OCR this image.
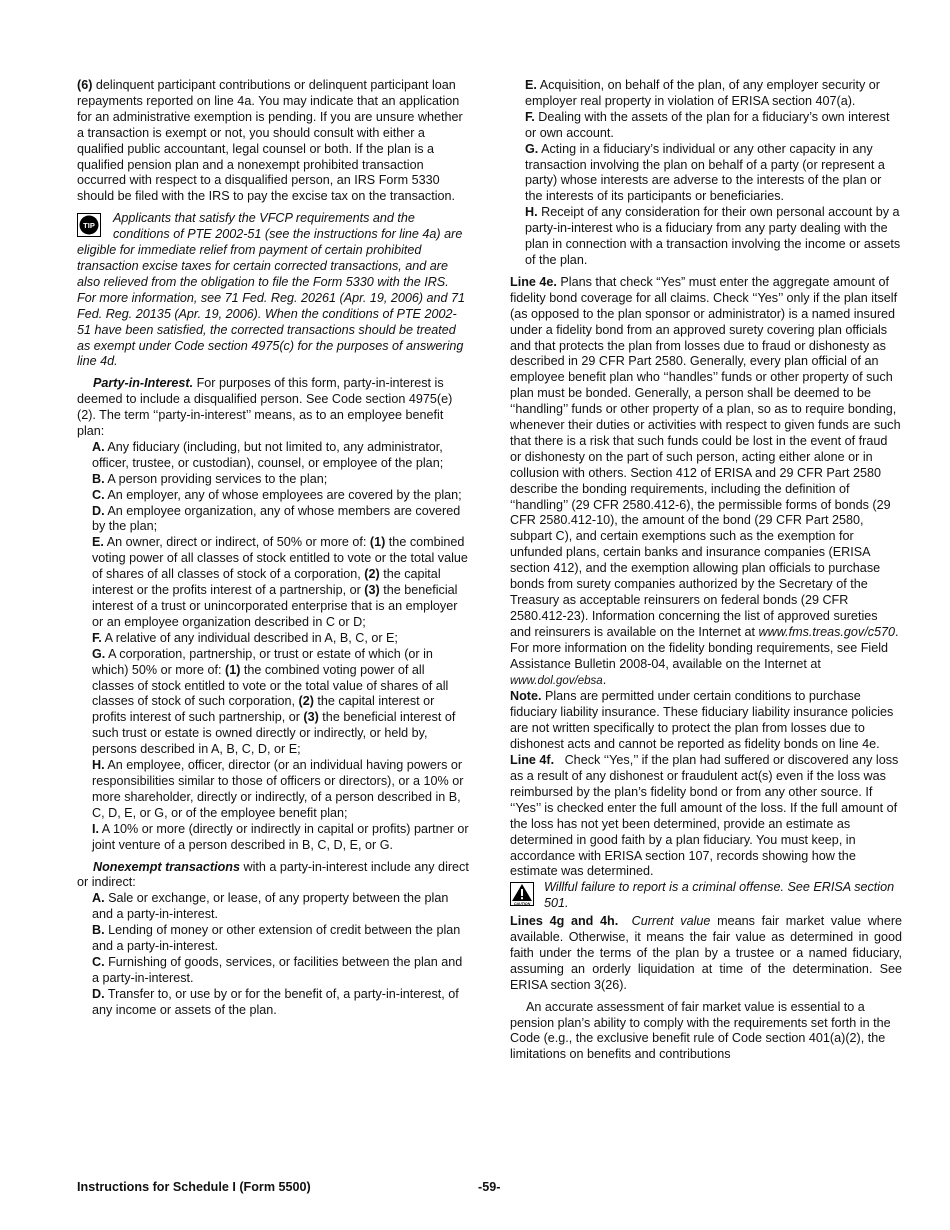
(6) delinquent participant contributions or delinquent participant loan repayments reported on line 4a. You may indicate that an application for an administrative exemption is pending. If you are unsure whether a transaction is exempt or not, you should consult with either a qualified public accountant, legal counsel or both. If the plan is a qualified pension plan and a nonexempt prohibited transaction occurred with respect to a disqualified person, an IRS Form 5330 should be filed with the IRS to pay the excise tax on the transaction.

TIP
Applicants that satisfy the VFCP requirements and the conditions of PTE 2002-51 (see the instructions for line 4a) are eligible for immediate relief from payment of certain prohibited transaction excise taxes for certain corrected transactions, and are also relieved from the obligation to file the Form 5330 with the IRS. For more information, see 71 Fed. Reg. 20261 (Apr. 19, 2006) and 71 Fed. Reg. 20135 (Apr. 19, 2006). When the conditions of PTE 2002-51 have been satisfied, the corrected transactions should be treated as exempt under Code section 4975(c) for the purposes of answering line 4d.

Party-in-Interest. For purposes of this form, party-in-interest is deemed to include a disqualified person. See Code section 4975(e)(2). The term ‘‘party-in-interest’’ means, as to an employee benefit plan:

A. Any fiduciary (including, but not limited to, any administrator, officer, trustee, or custodian), counsel, or employee of the plan;

B. A person providing services to the plan;

C. An employer, any of whose employees are covered by the plan;

D. An employee organization, any of whose members are covered by the plan;

E. An owner, direct or indirect, of 50% or more of: (1) the combined voting power of all classes of stock entitled to vote or the total value of shares of all classes of stock of a corporation, (2) the capital interest or the profits interest of a partnership, or (3) the beneficial interest of a trust or unincorporated enterprise that is an employer or an employee organization described in C or D;

F. A relative of any individual described in A, B, C, or E;

G. A corporation, partnership, or trust or estate of which (or in which) 50% or more of: (1) the combined voting power of all classes of stock entitled to vote or the total value of shares of all classes of stock of such corporation, (2) the capital interest or profits interest of such partnership, or (3) the beneficial interest of such trust or estate is owned directly or indirectly, or held by, persons described in A, B, C, D, or E;

H. An employee, officer, director (or an individual having powers or responsibilities similar to those of officers or directors), or a 10% or more shareholder, directly or indirectly, of a person described in B, C, D, E, or G, or of the employee benefit plan;

I. A 10% or more (directly or indirectly in capital or profits) partner or joint venture of a person described in B, C, D, E, or G.

Nonexempt transactions with a party-in-interest include any direct or indirect:

A. Sale or exchange, or lease, of any property between the plan and a party-in-interest.

B. Lending of money or other extension of credit between the plan and a party-in-interest.

C. Furnishing of goods, services, or facilities between the plan and a party-in-interest.

D. Transfer to, or use by or for the benefit of, a party-in-interest, of any income or assets of the plan.

E. Acquisition, on behalf of the plan, of any employer security or employer real property in violation of ERISA section 407(a).

F. Dealing with the assets of the plan for a fiduciary’s own interest or own account.

G. Acting in a fiduciary’s individual or any other capacity in any transaction involving the plan on behalf of a party (or represent a party) whose interests are adverse to the interests of the plan or the interests of its participants or beneficiaries.

H. Receipt of any consideration for their own personal account by a party-in-interest who is a fiduciary from any party dealing with the plan in connection with a transaction involving the income or assets of the plan.

Line 4e. Plans that check “Yes” must enter the aggregate amount of fidelity bond coverage for all claims. Check ‘‘Yes’’ only if the plan itself (as opposed to the plan sponsor or administrator) is a named insured under a fidelity bond from an approved surety covering plan officials and that protects the plan from losses due to fraud or dishonesty as described in 29 CFR Part 2580. Generally, every plan official of an employee benefit plan who ‘‘handles’’ funds or other property of such plan must be bonded. Generally, a person shall be deemed to be ‘‘handling’’ funds or other property of a plan, so as to require bonding, whenever their duties or activities with respect to given funds are such that there is a risk that such funds could be lost in the event of fraud or dishonesty on the part of such person, acting either alone or in collusion with others. Section 412 of ERISA and 29 CFR Part 2580 describe the bonding requirements, including the definition of ‘‘handling’’ (29 CFR 2580.412-6), the permissible forms of bonds (29 CFR 2580.412-10), the amount of the bond (29 CFR Part 2580, subpart C), and certain exemptions such as the exemption for unfunded plans, certain banks and insurance companies (ERISA section 412), and the exemption allowing plan officials to purchase bonds from surety companies authorized by the Secretary of the Treasury as acceptable reinsurers on federal bonds (29 CFR 2580.412-23). Information concerning the list of approved sureties and reinsurers is available on the Internet at www.fms.treas.gov/c570. For more information on the fidelity bonding requirements, see Field Assistance Bulletin 2008-04, available on the Internet at www.dol.gov/ebsa.

Note. Plans are permitted under certain conditions to purchase fiduciary liability insurance. These fiduciary liability insurance policies are not written specifically to protect the plan from losses due to dishonest acts and cannot be reported as fidelity bonds on line 4e.

Line 4f.   Check ‘‘Yes,’’ if the plan had suffered or discovered any loss as a result of any dishonest or fraudulent act(s) even if the loss was reimbursed by the plan’s fidelity bond or from any other source. If ‘‘Yes’’ is checked enter the full amount of the loss. If the full amount of the loss has not yet been determined, provide an estimate as determined in good faith by a plan fiduciary. You must keep, in accordance with ERISA section 107, records showing how the estimate was determined.

CAUTION
Willful failure to report is a criminal offense. See ERISA section 501.

Lines 4g and 4h. Current value means fair market value where available. Otherwise, it means the fair value as determined in good faith under the terms of the plan by a trustee or a named fiduciary, assuming an orderly liquidation at time of the determination. See ERISA section 3(26).

An accurate assessment of fair market value is essential to a pension plan’s ability to comply with the requirements set forth in the Code (e.g., the exclusive benefit rule of Code section 401(a)(2), the limitations on benefits and contributions

Instructions for Schedule I (Form 5500)	-59-
